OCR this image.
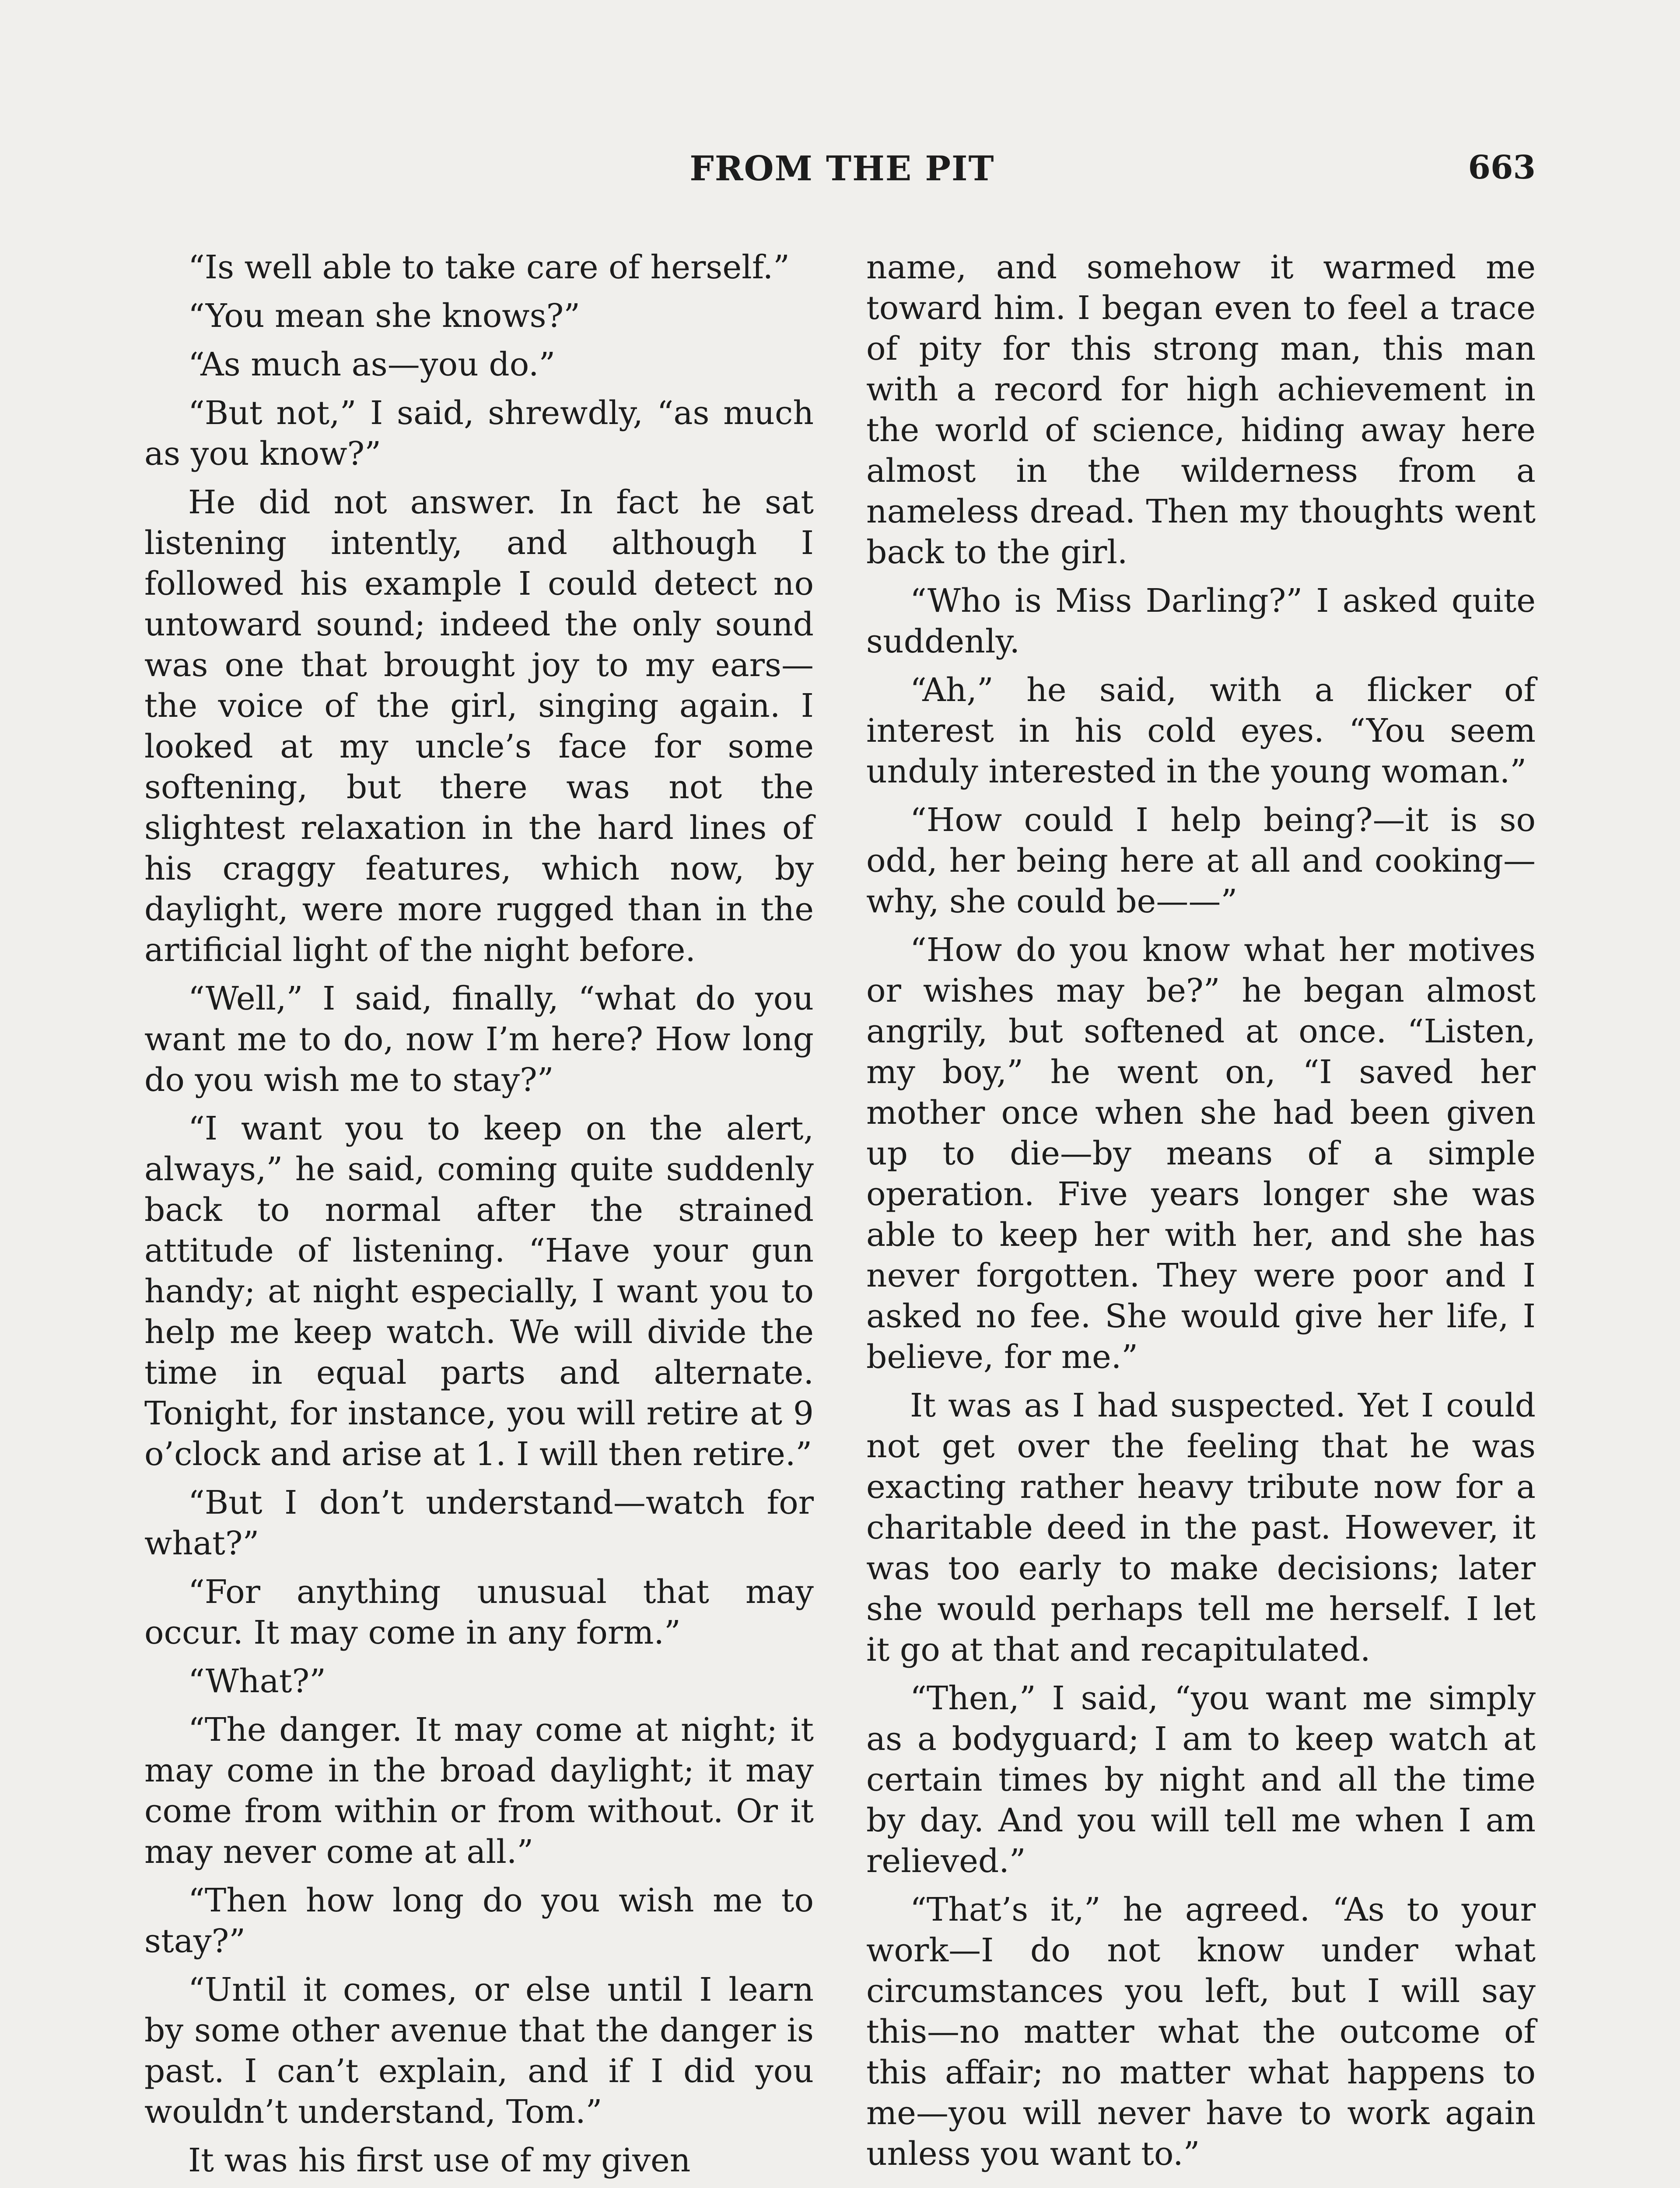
FROM THE PIT	663

“Is well able to take care of herself.”

“You mean she knows?”

“As much as—you do.”

“But not,” I said, shrewdly, “as much as you know?”

He did not answer. In fact he sat listening intently, and although I followed his example I could detect no untoward sound; indeed the only sound was one that brought joy to my ears—the voice of the girl, singing again. I looked at my uncle’s face for some softening, but there was not the slightest relaxation in the hard lines of his craggy features, which now, by daylight, were more rugged than in the artificial light of the night before.

“Well,” I said, finally, “what do you want me to do, now I’m here? How long do you wish me to stay?”

“I want you to keep on the alert, always,” he said, coming quite suddenly back to normal after the strained attitude of listening. “Have your gun handy; at night especially, I want you to help me keep watch. We will divide the time in equal parts and alternate. Tonight, for instance, you will retire at 9 o’clock and arise at 1. I will then retire.”

“But I don’t understand—watch for what?”

“For anything unusual that may occur. It may come in any form.”

“What?”

“The danger. It may come at night; it may come in the broad daylight; it may come from within or from without. Or it may never come at all.”

“Then how long do you wish me to stay?”

“Until it comes, or else until I learn by some other avenue that the danger is past. I can’t explain, and if I did you wouldn’t understand, Tom.”

It was his first use of my given

name, and somehow it warmed me toward him. I began even to feel a trace of pity for this strong man, this man with a record for high achievement in the world of science, hiding away here almost in the wilderness from a nameless dread. Then my thoughts went back to the girl.

“Who is Miss Darling?” I asked quite suddenly.

“Ah,” he said, with a flicker of interest in his cold eyes. “You seem unduly interested in the young woman.”

“How could I help being?—it is so odd, her being here at all and cooking—why, she could be——”

“How do you know what her motives or wishes may be?” he began almost angrily, but softened at once. “Listen, my boy,” he went on, “I saved her mother once when she had been given up to die—by means of a simple operation. Five years longer she was able to keep her with her, and she has never forgotten. They were poor and I asked no fee. She would give her life, I believe, for me.”

It was as I had suspected. Yet I could not get over the feeling that he was exacting rather heavy tribute now for a charitable deed in the past. However, it was too early to make decisions; later she would perhaps tell me herself. I let it go at that and recapitulated.

“Then,” I said, “you want me simply as a bodyguard; I am to keep watch at certain times by night and all the time by day. And you will tell me when I am relieved.”

“That’s it,” he agreed. “As to your work—I do not know under what circumstances you left, but I will say this—no matter what the outcome of this affair; no matter what happens to me—you will never have to work again unless you want to.”
